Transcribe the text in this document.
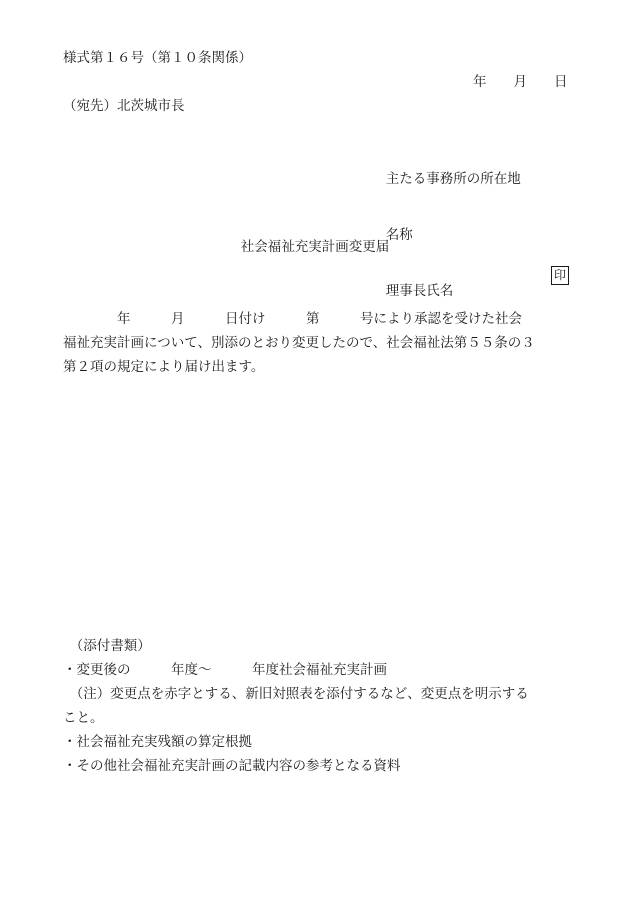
様式第１６号（第１０条関係）
年　　月　　日
（宛先）北茨城市長

主たる事務所の所在地

名称

理事長氏名

印

社会福祉充実計画変更届
　　　　年　　　月　　　日付け　　　第　　　号により承認を受けた社会
福祉充実計画について、別添のとおり変更したので、社会福祉法第５５条の３
第２項の規定により届け出ます。
　（添付書類）
・変更後の　　　年度～　　　年度社会福祉充実計画
　（注）変更点を赤字とする、新旧対照表を添付するなど、変更点を明示する
こと。
・社会福祉充実残額の算定根拠
・その他社会福祉充実計画の記載内容の参考となる資料
